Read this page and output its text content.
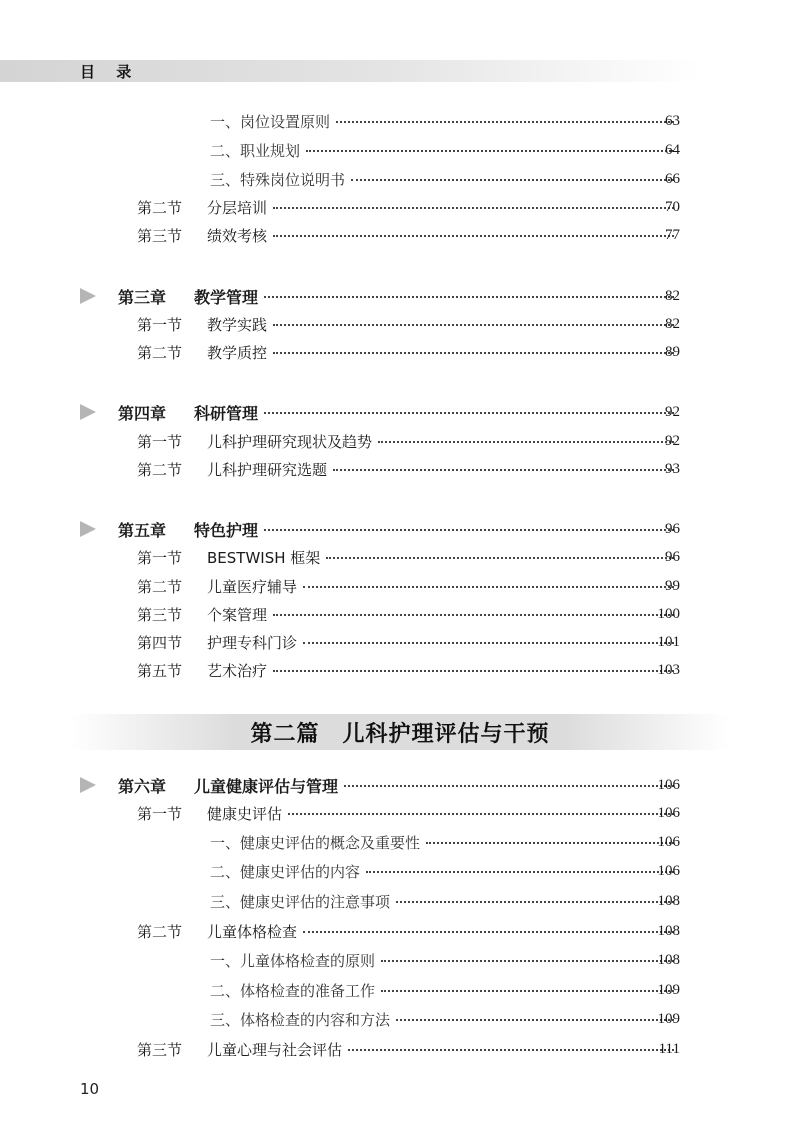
目 录
一、岗位设置原则	63
二、职业规划	64
三、特殊岗位说明书	66
第二节 分层培训	70
第三节 绩效考核	77
第三章 教学管理	82
第一节 教学实践	82
第二节 教学质控	89
第四章 科研管理	92
第一节 儿科护理研究现状及趋势	92
第二节 儿科护理研究选题	93
第五章 特色护理	96
第一节 BESTWISH 框架	96
第二节 儿童医疗辅导	99
第三节 个案管理	100
第四节 护理专科门诊	101
第五节 艺术治疗	103
第六章 儿童健康评估与管理	106
第一节 健康史评估	106
一、健康史评估的概念及重要性	106
二、健康史评估的内容	106
三、健康史评估的注意事项	108
第二节 儿童体格检查	108
一、儿童体格检查的原则	108
二、体格检查的准备工作	109
三、体格检查的内容和方法	109
第三节 儿童心理与社会评估	111
第二篇　儿科护理评估与干预
10
